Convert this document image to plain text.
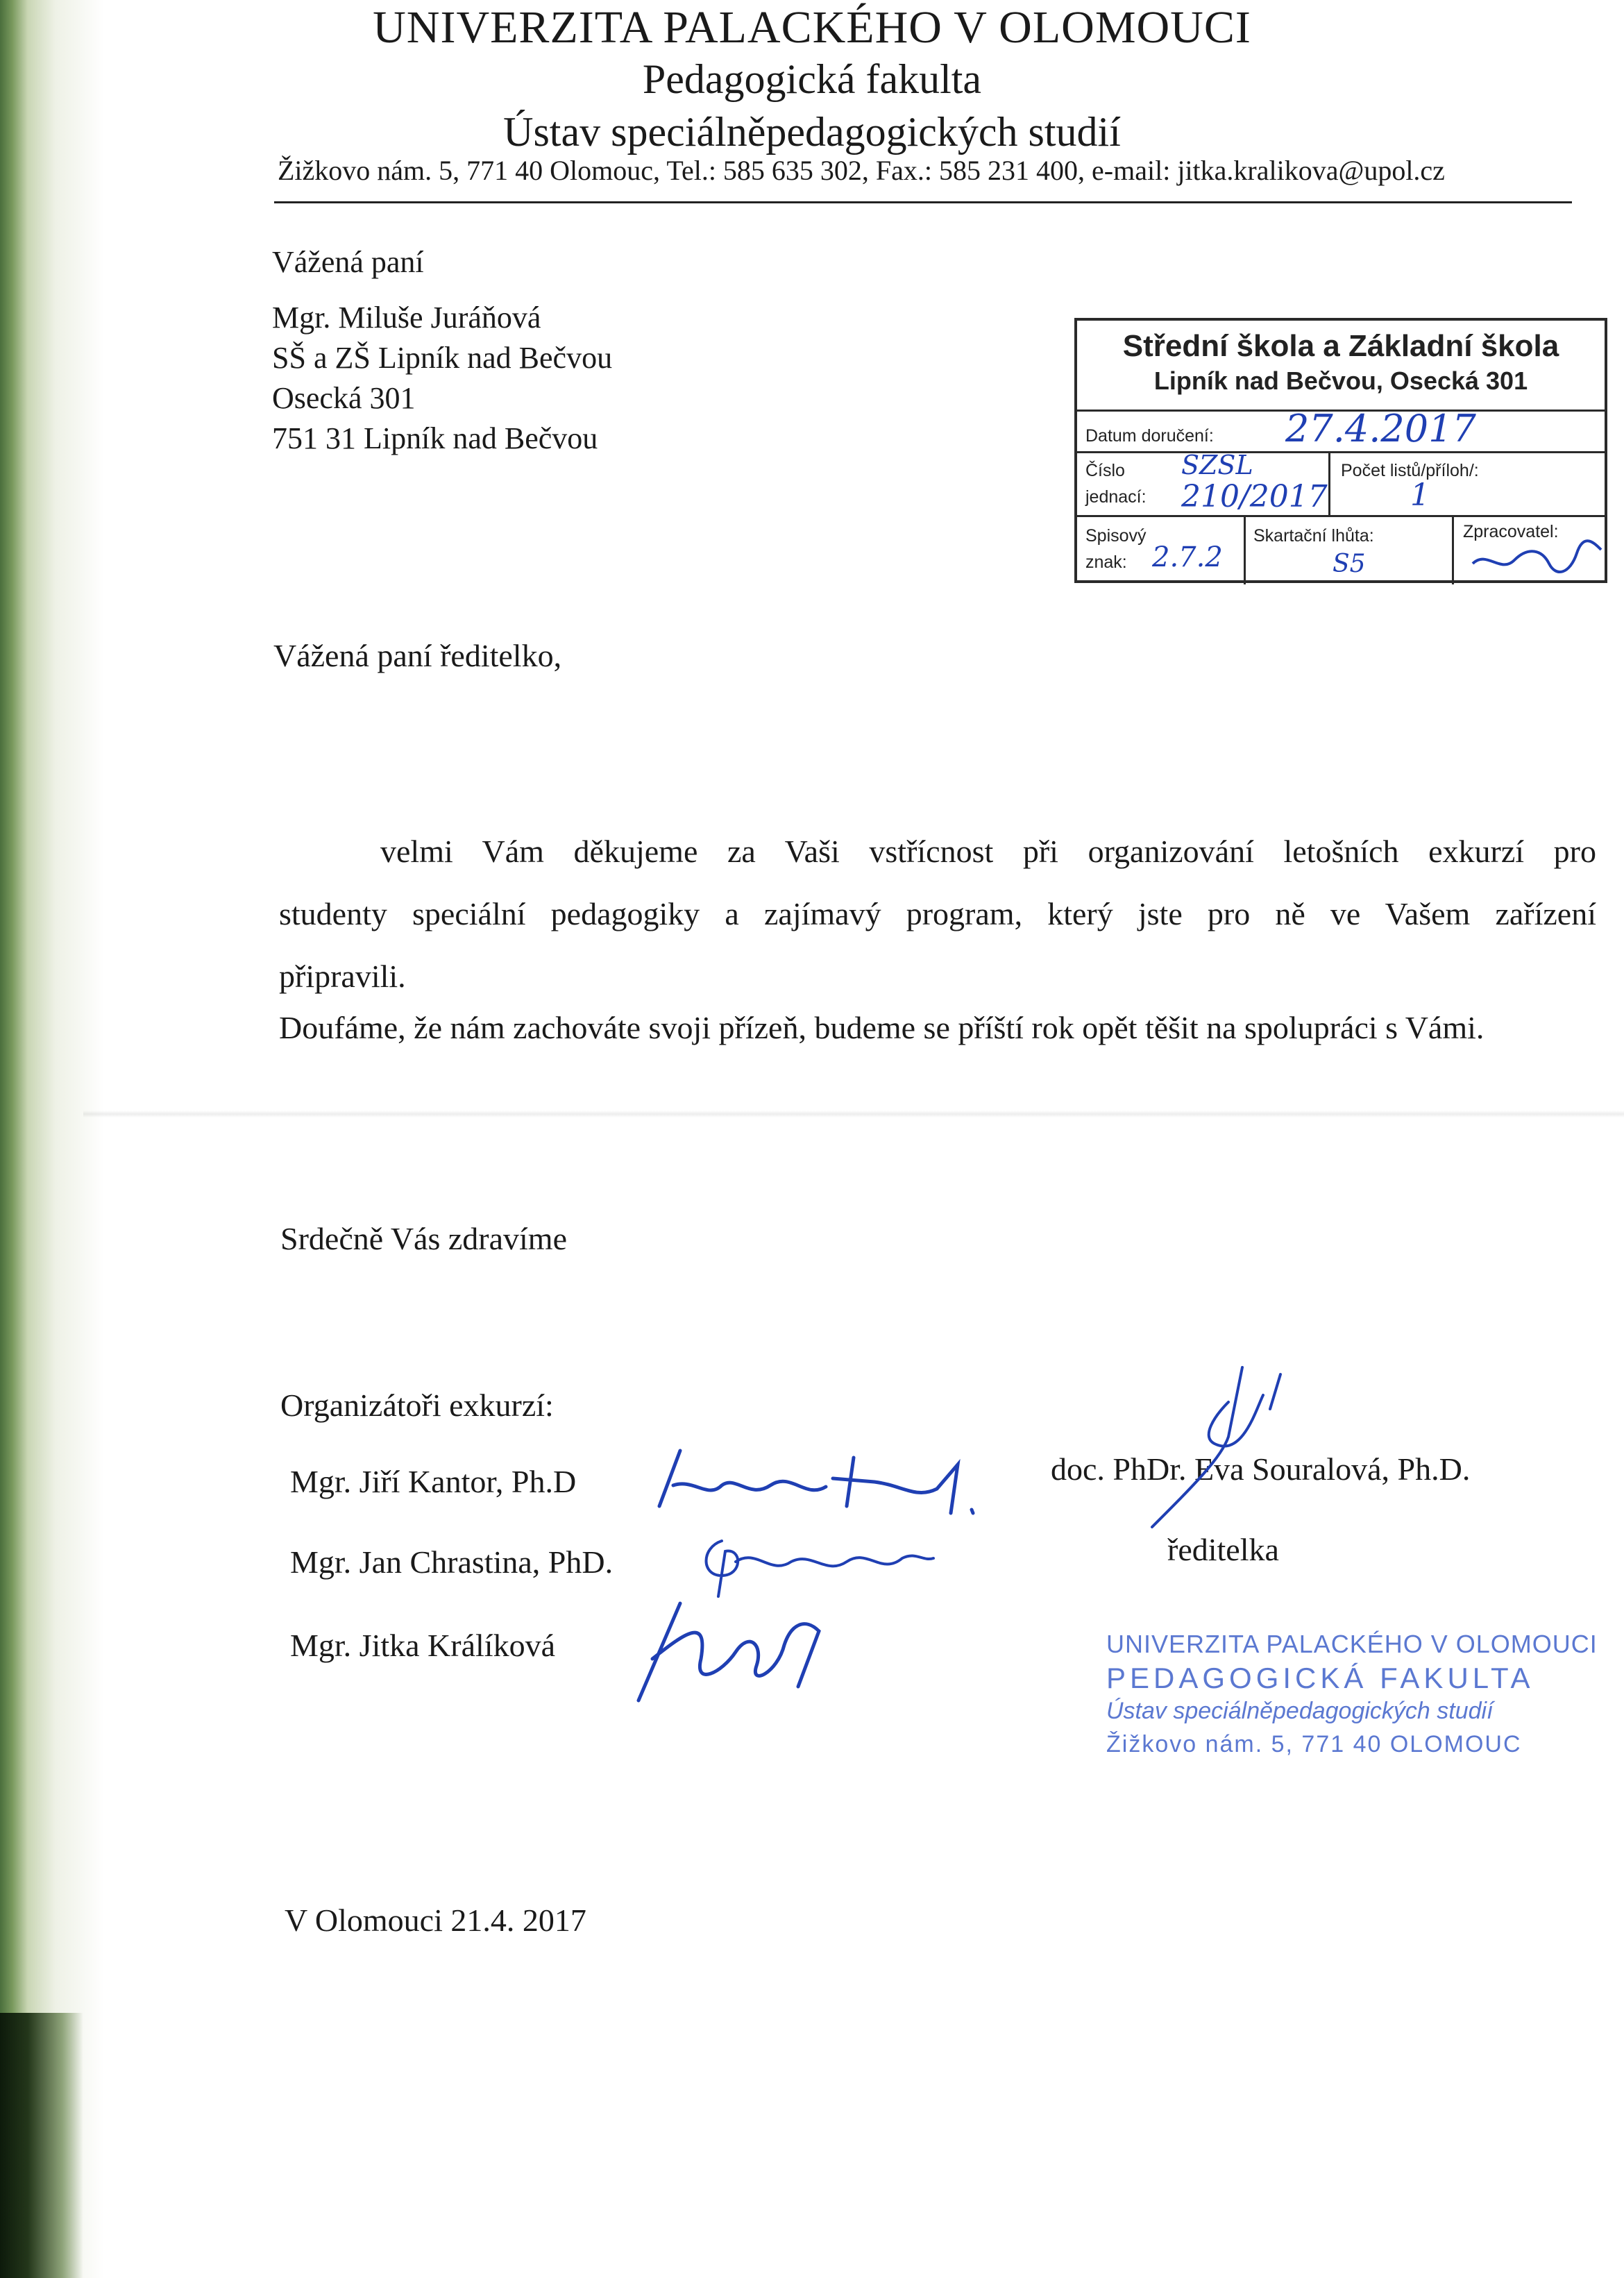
UNIVERZITA PALACKÉHO V OLOMOUCI
Pedagogická fakulta
Ústav speciálněpedagogických studií
Žižkovo nám. 5, 771 40 Olomouc, Tel.: 585 635 302, Fax.: 585 231 400, e-mail: jitka.kralikova@upol.cz
Vážená paní
Mgr. Miluše Juráňová
SŠ a ZŠ Lipník nad Bečvou
Osecká 301
751 31 Lipník nad Bečvou
Střední škola a Základní škola
Lipník nad Bečvou, Osecká 301
Datum doručení: 27.4.2017
Číslo
jednací:
SZSL
210/2017
Počet listů/příloh/:
1
Spisový
znak: 2.7.2
Skartační lhůta:
S5
Zpracovatel:
Vážená paní ředitelko,
velmi Vám děkujeme za Vaši vstřícnost při organizování letošních exkurzí pro
studenty speciální pedagogiky a zajímavý program, který jste pro ně ve Vašem zařízení
připravili.
Doufáme, že nám zachováte svoji přízeň, budeme se příští rok opět těšit na spolupráci s Vámi.
Srdečně Vás zdravíme
Organizátoři exkurzí:
Mgr. Jiří Kantor, Ph.D
Mgr. Jan Chrastina, PhD.
Mgr. Jitka Králíková
doc. PhDr. Eva Souralová, Ph.D.
ředitelka
UNIVERZITA PALACKÉHO V OLOMOUCI
PEDAGOGICKÁ FAKULTA
Ústav speciálněpedagogických studií
Žižkovo nám. 5, 771 40 OLOMOUC
V Olomouci 21.4. 2017
